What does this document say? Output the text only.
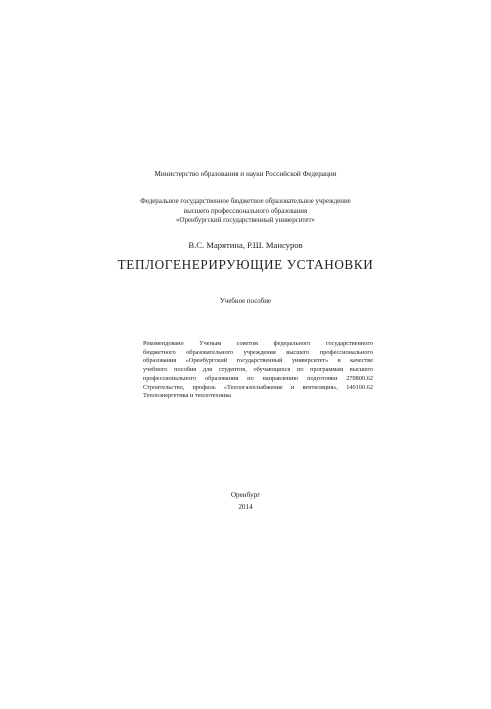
Министерство образования и науки Российской Федерации
Федеральное государственное бюджетное образовательное учреждение
высшего профессионального образования
«Оренбургский государственный университет»
В.С. Марятина, Р.Ш. Мансуров
ТЕПЛОГЕНЕРИРУЮЩИЕ УСТАНОВКИ
Учебное пособие
Рекомендовано Ученым советом федерального государственного
бюджетного образовательного учреждения высшего профессионального
образования «Оренбургский государственный университет» в качестве
учебного пособия для студентов, обучающихся по программам высшего
профессионального образования по направлению подготовки 270800.62
Строительство, профиль «Теплогазоснабжение и вентиляция», 140100.62
Теплоэнергетика и теплотехника
Оренбург
2014
